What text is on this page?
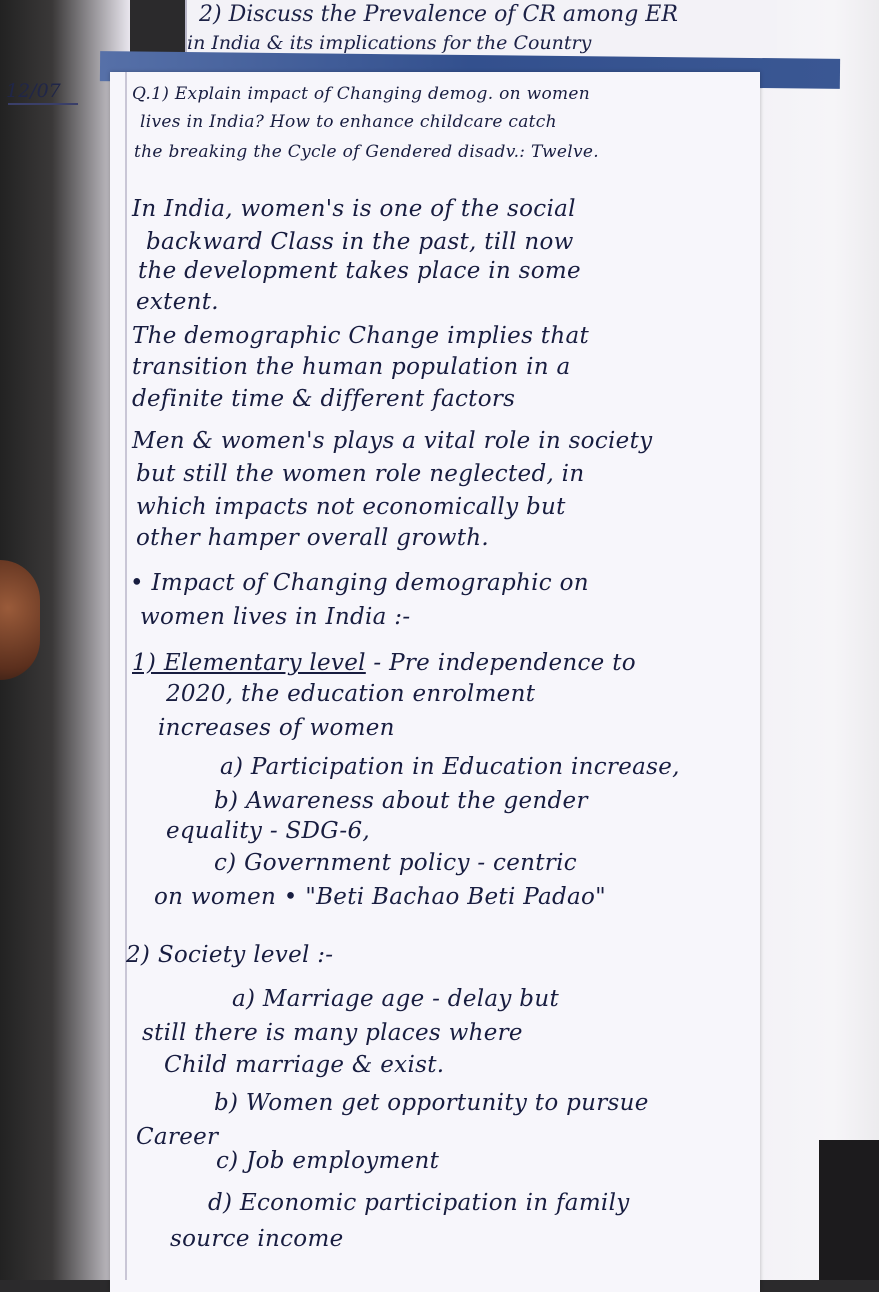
2) Discuss the Prevalence of CR among ER
in India & its implications for the Country
12/07	Q.1) Explain impact of Changing demog. on women
lives in India? How to enhance childcare catch
the breaking the Cycle of Gendered disadv.: Twelve.
In India, women's is one of the social
backward Class in the past, till now
the development takes place in some
extent.
The demographic Change implies that
transition the human population in a
definite time & different factors
Men & women's plays a vital role in society
but still the women role neglected, in
which impacts not economically but
other hamper overall growth.
• Impact of Changing demographic on
women lives in India :-
1) Elementary level - Pre independence to
2020, the education enrolment
increases of women
a) Participation in Education increase,
b) Awareness about the gender
equality - SDG-6,
c) Government policy - centric
on women • "Beti Bachao Beti Padao"
2) Society level :-
a) Marriage age - delay but
still there is many places where
Child marriage & exist.
b) Women get opportunity to pursue
Career
c) Job employment
d) Economic participation in family
source income
